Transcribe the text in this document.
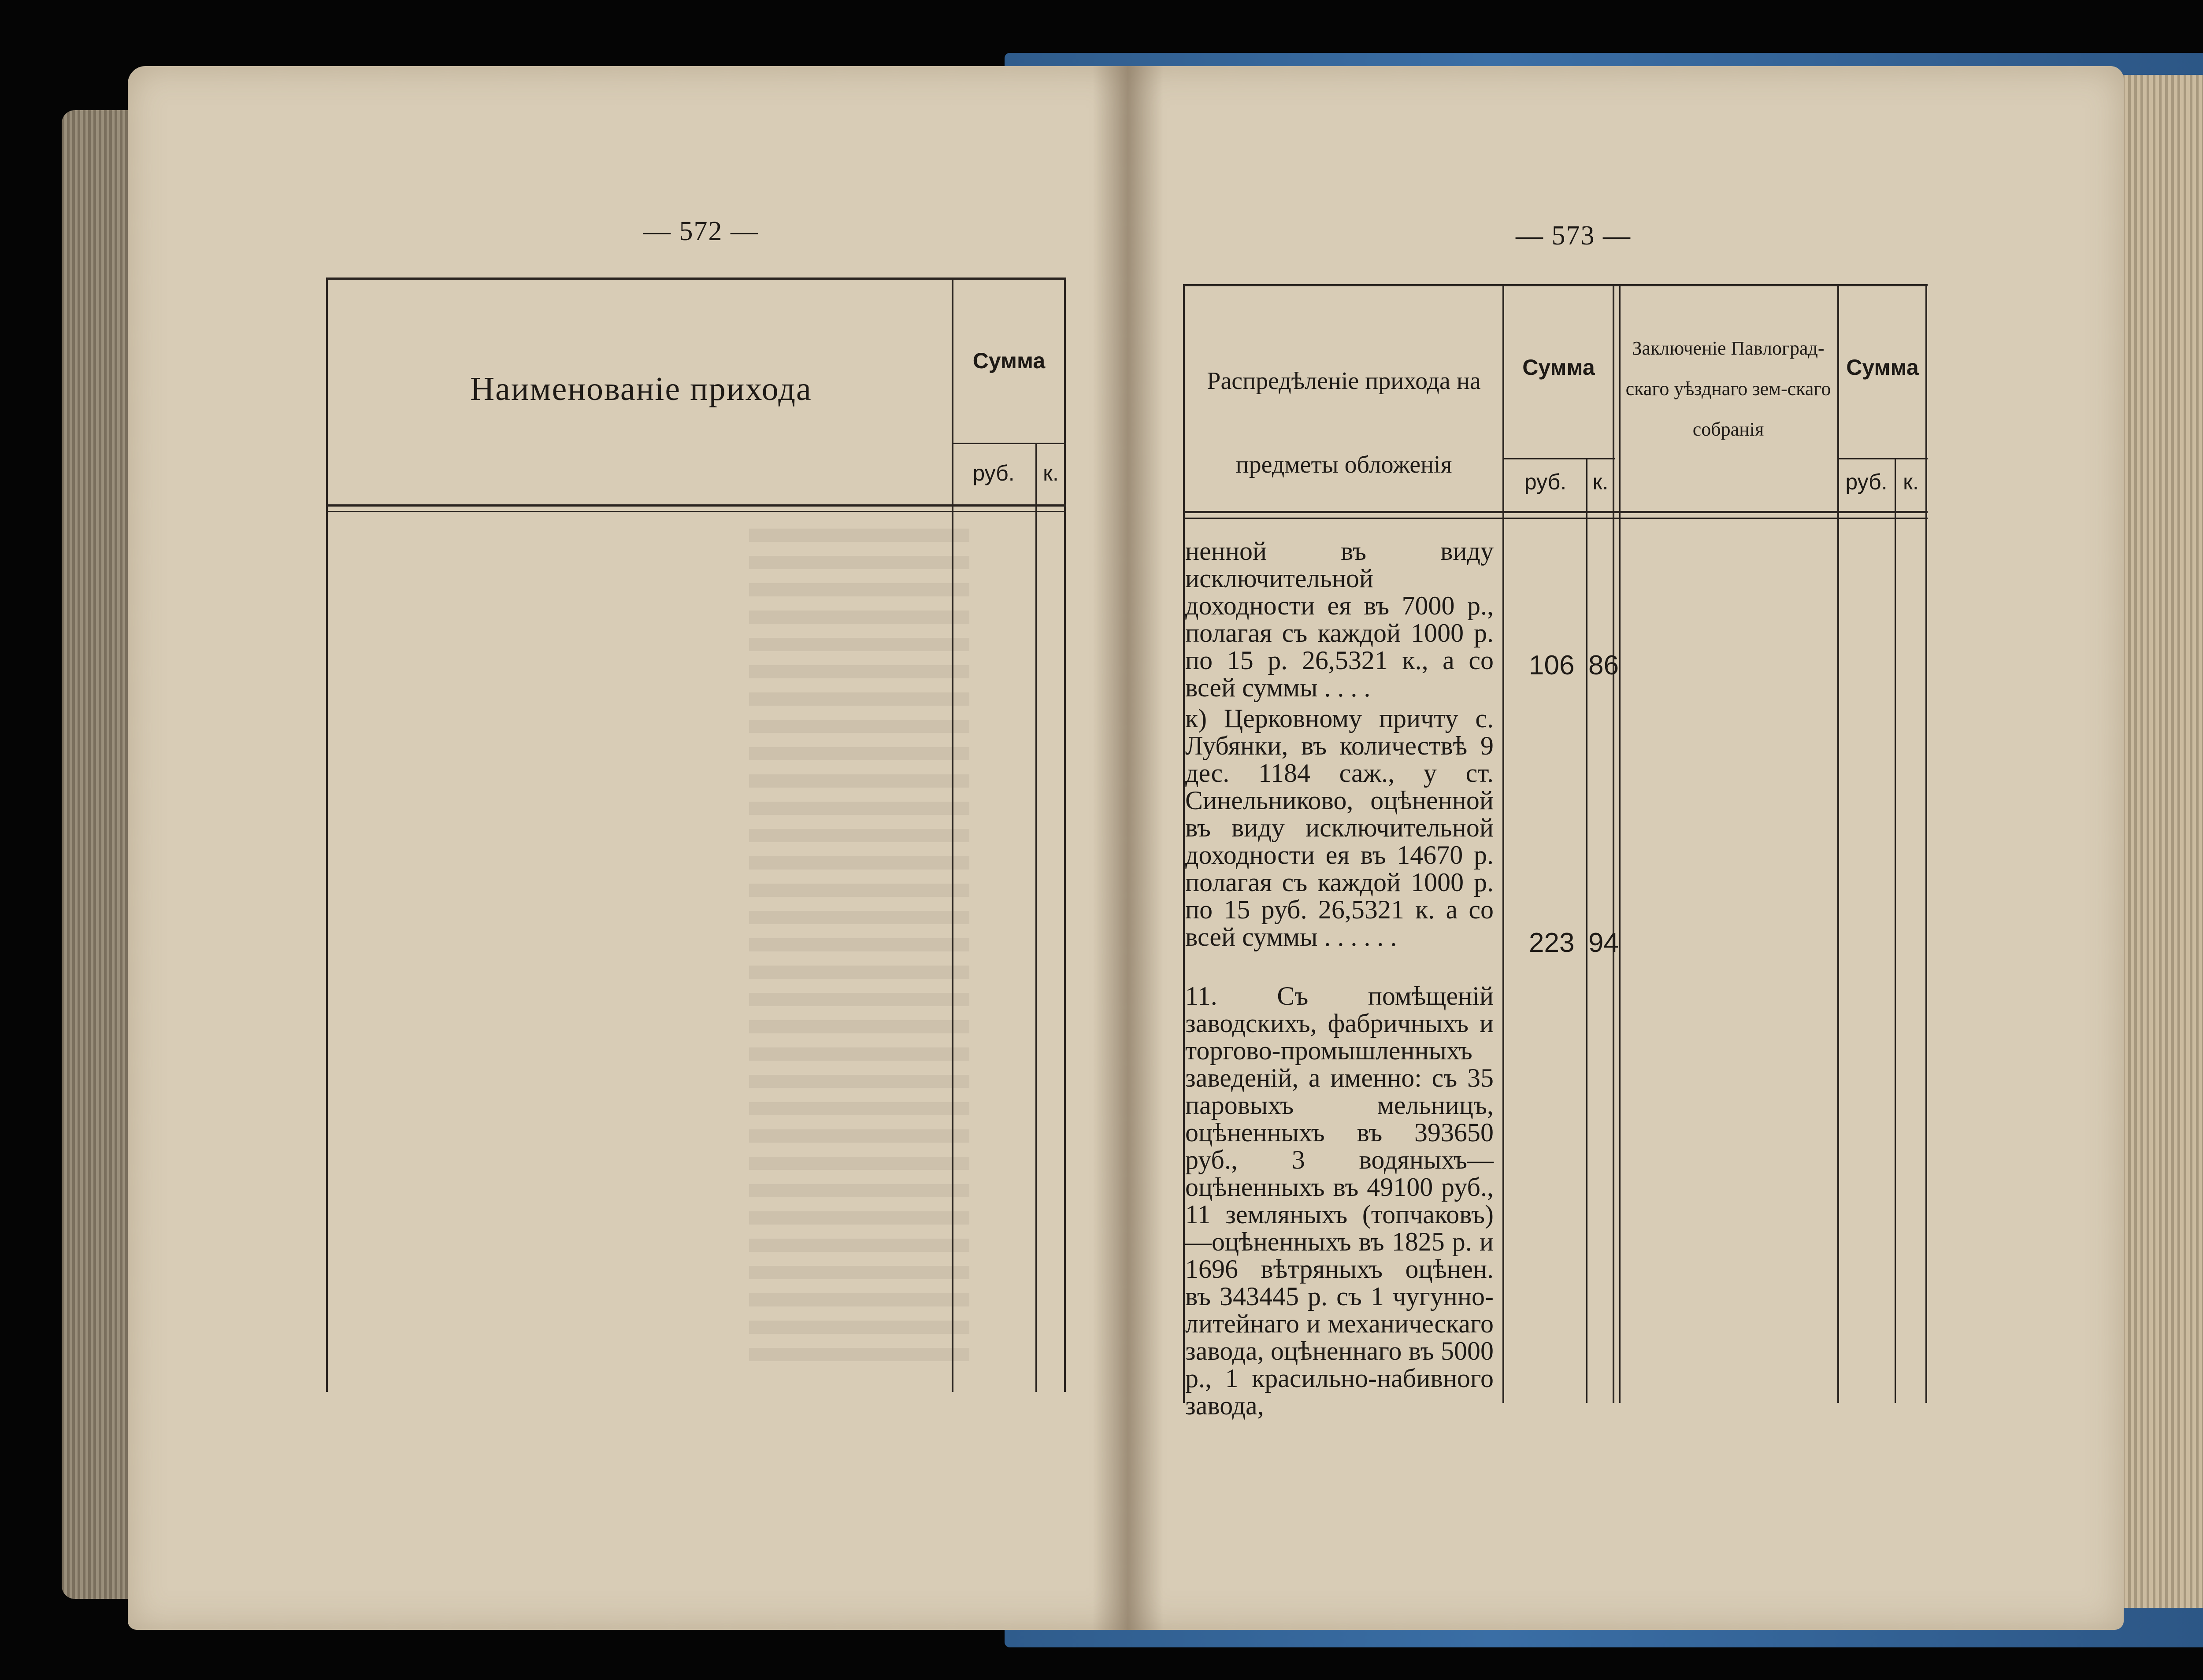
— 572 —
Наименованіе прихода
Сумма
руб.	к.
— 573 —
Распредѣленіе прихода на предметы обложенія
Сумма
Заключеніе Павлоград-скаго уѣзднаго зем-скаго собранія
Сумма
руб.	к.	руб. к.
ненной въ виду исключительной доходности ея въ 7000 р., полагая съ каждой 1000 р. по 15 р. 26,5321 к., а со всей суммы . . . .
106 86
к) Церковному причту с. Лубянки, въ количествѣ 9 дес. 1184 саж., у ст. Синельниково, оцѣненной въ виду исключительной доходности ея въ 14670 р. полагая съ каждой 1000 р. по 15 руб. 26,5321 к. а со всей суммы . . . . . .	223 94
11. Съ помѣщеній заводскихъ, фабричныхъ и торгово-промышленныхъ заведеній, а именно: съ 35 паровыхъ мельницъ, оцѣненныхъ въ 393650 руб., 3 водяныхъ—оцѣненныхъ въ 49100 руб., 11 земляныхъ (топчаковъ)—оцѣненныхъ въ 1825 р. и 1696 вѣтряныхъ оцѣнен. въ 343445 р. съ 1 чугунно-литейнаго и механическаго завода, оцѣненнаго въ 5000 р., 1 красильно-набивного завода,
